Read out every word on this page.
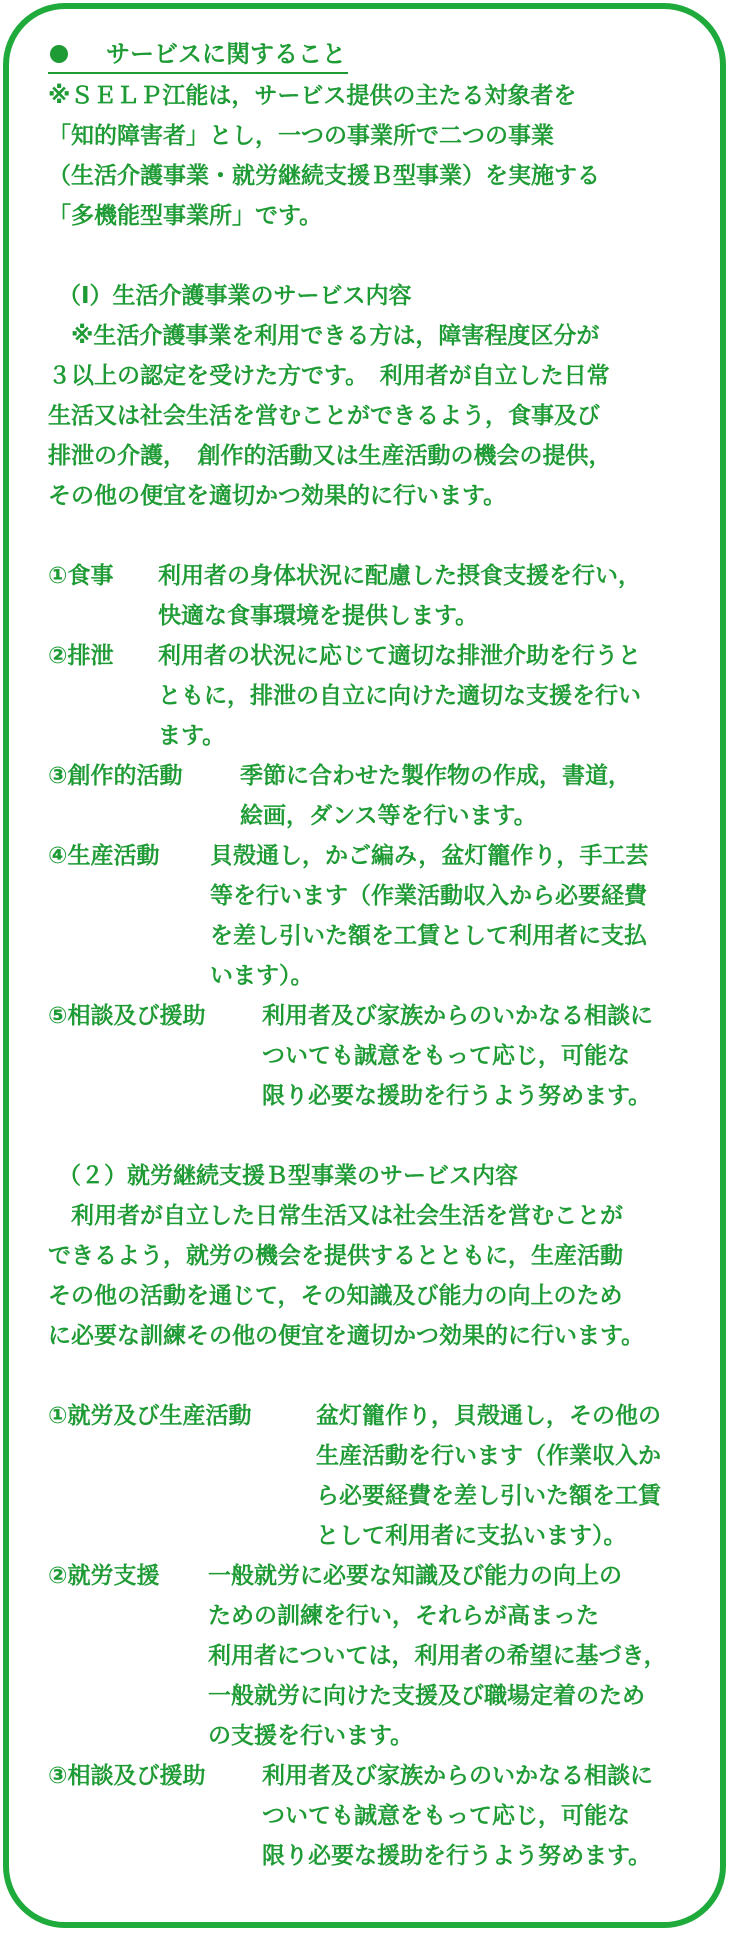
サービスに関すること
※ＳＥＬＰ江能は，サービス提供の主たる対象者を
「知的障害者」とし，一つの事業所で二つの事業
（生活介護事業・就労継続支援Ｂ型事業）を実施する
「多機能型事業所」です。
（Ⅰ）生活介護事業のサービス内容
　※生活介護事業を利用できる方は，障害程度区分が
３以上の認定を受けた方です。　利用者が自立した日常
生活又は社会生活を営むことができるよう，食事及び
排泄の介護，　創作的活動又は生産活動の機会の提供，
その他の便宜を適切かつ効果的に行います。
①食事	利用者の身体状況に配慮した摂食支援を行い，
快適な食事環境を提供します。
②排泄	利用者の状況に応じて適切な排泄介助を行うと
ともに，排泄の自立に向けた適切な支援を行い
ます。
③創作的活動	季節に合わせた製作物の作成，書道，
絵画，ダンス等を行います。
④生産活動	貝殻通し，かご編み，盆灯籠作り，手工芸
等を行います（作業活動収入から必要経費
を差し引いた額を工賃として利用者に支払
います）。
⑤相談及び援助	利用者及び家族からのいかなる相談に
ついても誠意をもって応じ，可能な
限り必要な援助を行うよう努めます。
（２）就労継続支援Ｂ型事業のサービス内容
　利用者が自立した日常生活又は社会生活を営むことが
できるよう，就労の機会を提供するとともに，生産活動
その他の活動を通じて，その知識及び能力の向上のため
に必要な訓練その他の便宜を適切かつ効果的に行います。
①就労及び生産活動	盆灯籠作り，貝殻通し，その他の
生産活動を行います（作業収入か
ら必要経費を差し引いた額を工賃
として利用者に支払います）。
②就労支援	一般就労に必要な知識及び能力の向上の
ための訓練を行い，それらが高まった
利用者については，利用者の希望に基づき，
一般就労に向けた支援及び職場定着のため
の支援を行います。
③相談及び援助	利用者及び家族からのいかなる相談に
ついても誠意をもって応じ，可能な
限り必要な援助を行うよう努めます。
